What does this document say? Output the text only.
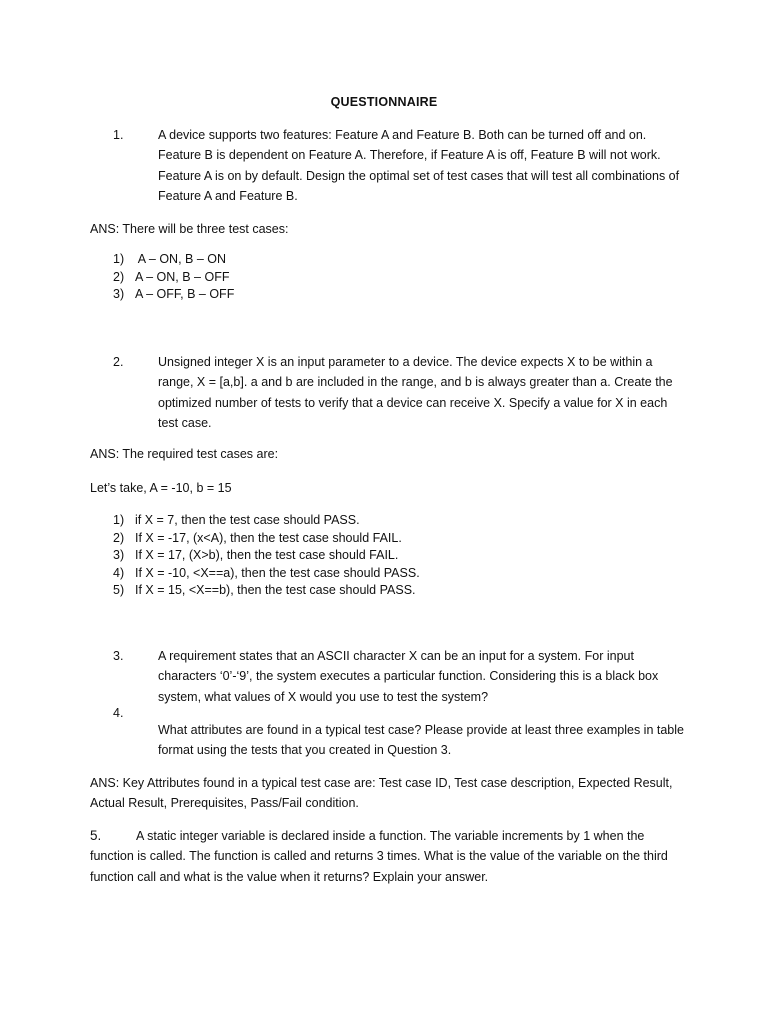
QUESTIONNAIRE
1.	A device supports two features: Feature A and Feature B. Both can be turned off and on. Feature B is dependent on Feature A. Therefore, if Feature A is off, Feature B will not work. Feature A is on by default. Design the optimal set of test cases that will test all combinations of Feature A and Feature B.
ANS: There will be three test cases:
1) A – ON, B – ON
2) A – ON, B – OFF
3) A – OFF, B – OFF
2.	Unsigned integer X is an input parameter to a device. The device expects X to be within a range, X = [a,b]. a and b are included in the range, and b is always greater than a. Create the optimized number of tests to verify that a device can receive X. Specify a value for X in each test case.
ANS: The required test cases are:
Let’s take, A = -10, b = 15
1) if X = 7, then the test case should PASS.
2) If X = -17, (x<A), then the test case should FAIL.
3) If X = 17, (X>b), then the test case should FAIL.
4) If X = -10, <X==a), then the test case should PASS.
5) If X = 15, <X==b), then the test case should PASS.
3.	A requirement states that an ASCII character X can be an input for a system. For input characters ‘0’-‘9’, the system executes a particular function. Considering this is a black box system, what values of X would you use to test the system?
4.
What attributes are found in a typical test case? Please provide at least three examples in table format using the tests that you created in Question 3.
ANS: Key Attributes found in a typical test case are: Test case ID, Test case description, Expected Result, Actual Result, Prerequisites, Pass/Fail condition.
5.	A static integer variable is declared inside a function. The variable increments by 1 when the function is called. The function is called and returns 3 times. What is the value of the variable on the third function call and what is the value when it returns? Explain your answer.
